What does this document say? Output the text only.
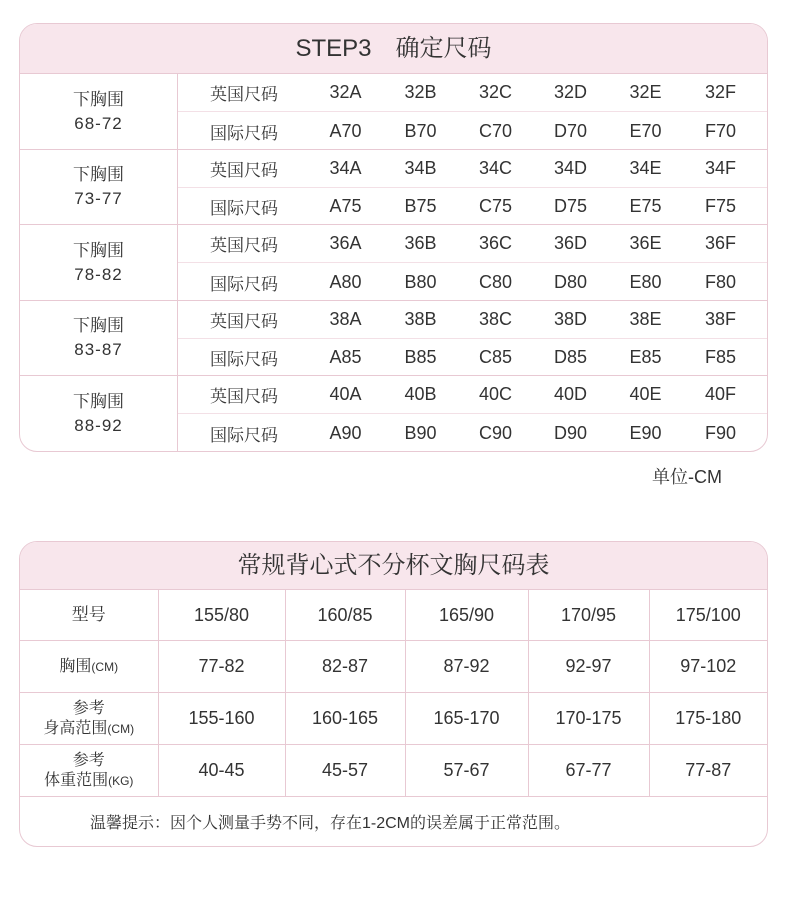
STEP3　确定尺码
下胸围
68-72
英国尺码	32A	32B	32C	32D	32E	32F
国际尺码	A70	B70	C70	D70	E70	F70
下胸围
73-77
英国尺码	34A	34B	34C	34D	34E	34F
国际尺码	A75	B75	C75	D75	E75	F75
下胸围
78-82
英国尺码	36A	36B	36C	36D	36E	36F
国际尺码	A80	B80	C80	D80	E80	F80
下胸围
83-87
英国尺码	38A	38B	38C	38D	38E	38F
国际尺码	A85	B85	C85	D85	E85	F85
下胸围
88-92
英国尺码	40A	40B	40C	40D	40E	40F
国际尺码	A90	B90	C90	D90	E90	F90
单位-CM
常规背心式不分杯文胸尺码表
型号	155/80	160/85	165/90	170/95	175/100

胸围(CM)	77-82	82-87	87-92	92-97	97-102

参考
身高范围(CM)	155-160	160-165	165-170	170-175	175-180

参考
体重范围(KG)	40-45	45-57	57-67	67-77	77-87
温馨提示：因个人测量手势不同，存在1-2CM的误差属于正常范围。
